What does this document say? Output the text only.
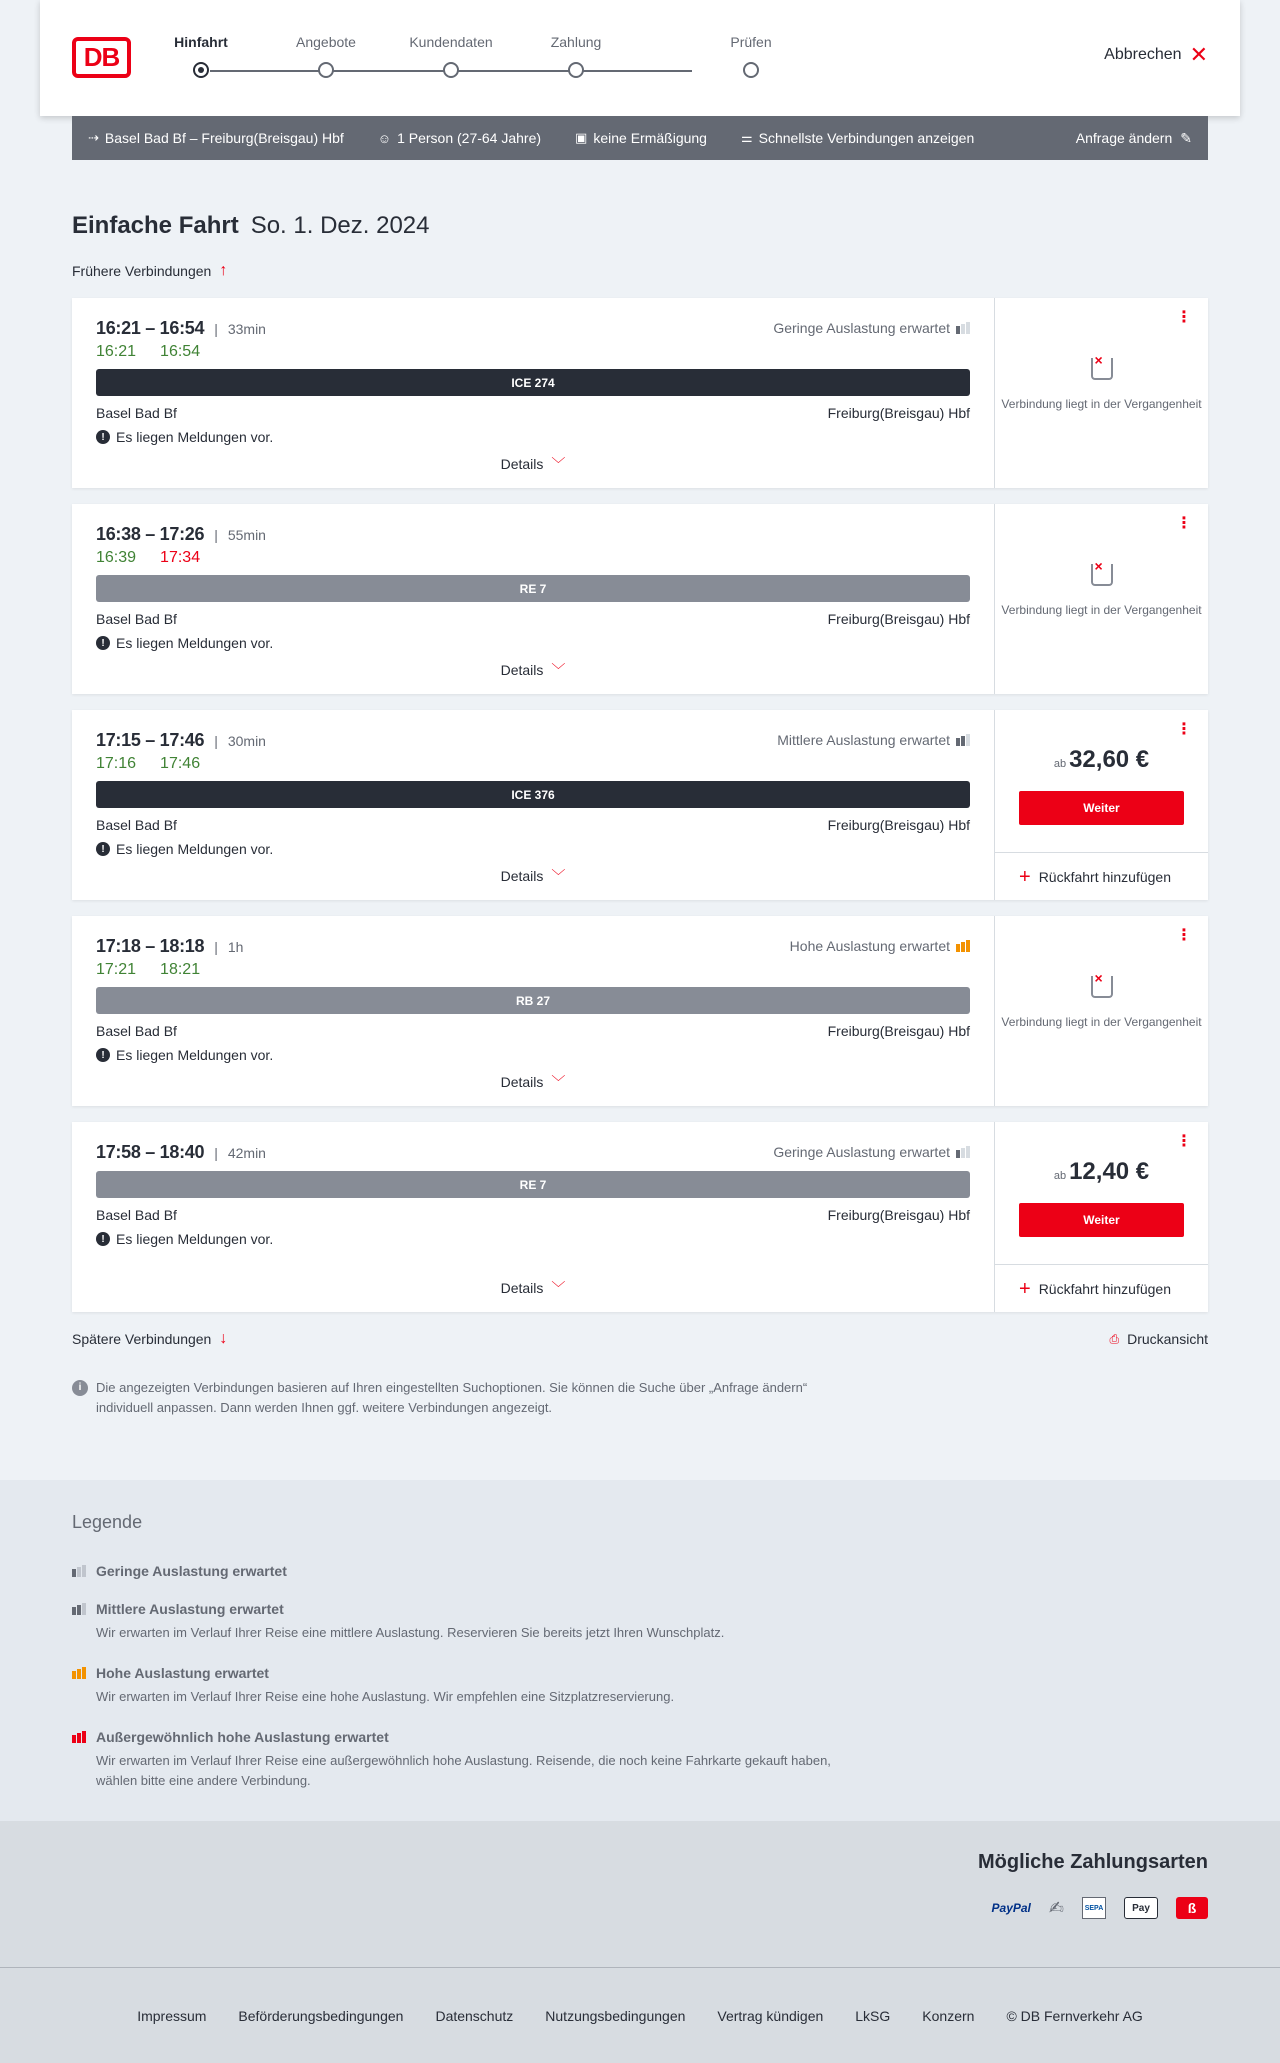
DB	Hinfahrt	Angebote	Kundendaten	Zahlung	Prüfen
Abbrechen ✕
⇢ Basel Bad Bf – Freiburg(Breisgau) Hbf	☺ 1 Person (27-64 Jahre)	▣ keine Ermäßigung	⚌ Schnellste Verbindungen anzeigen	Anfrage ändern ✎
Einfache Fahrt So. 1. Dez. 2024
Frühere Verbindungen ↑
16:21 – 16:54 | 33min	Geringe Auslastung erwartet
16:21 16:54
ICE 274
Basel Bad Bf	Freiburg(Breisgau) Hbf
! Es liegen Meldungen vor.
Details ﹀
⋮
×
Verbindung liegt in der Vergangenheit
16:38 – 17:26 | 55min
16:39 17:34
RE 7
Basel Bad Bf	Freiburg(Breisgau) Hbf
! Es liegen Meldungen vor.
Details ﹀
⋮
×
Verbindung liegt in der Vergangenheit
17:15 – 17:46 | 30min	Mittlere Auslastung erwartet
17:16 17:46
ICE 376
Basel Bad Bf	Freiburg(Breisgau) Hbf
! Es liegen Meldungen vor.
Details ﹀
⋮
ab 32,60 €
Weiter
+ Rückfahrt hinzufügen
17:18 – 18:18 | 1h	Hohe Auslastung erwartet
17:21 18:21
RB 27
Basel Bad Bf	Freiburg(Breisgau) Hbf
! Es liegen Meldungen vor.
Details ﹀
⋮
×
Verbindung liegt in der Vergangenheit
17:58 – 18:40 | 42min	Geringe Auslastung erwartet
RE 7
Basel Bad Bf	Freiburg(Breisgau) Hbf
! Es liegen Meldungen vor.
Details ﹀
⋮
ab 12,40 €
Weiter
+ Rückfahrt hinzufügen
Spätere Verbindungen ↓	⎙ Druckansicht
i	Die angezeigten Verbindungen basieren auf Ihren eingestellten Suchoptionen. Sie können die Suche über „Anfrage ändern“ individuell anpassen. Dann werden Ihnen ggf. weitere Verbindungen angezeigt.
Legende
Geringe Auslastung erwartet
Mittlere Auslastung erwartet
Wir erwarten im Verlauf Ihrer Reise eine mittlere Auslastung. Reservieren Sie bereits jetzt Ihren Wunschplatz.
Hohe Auslastung erwartet
Wir erwarten im Verlauf Ihrer Reise eine hohe Auslastung. Wir empfehlen eine Sitzplatzreservierung.
Außergewöhnlich hohe Auslastung erwartet
Wir erwarten im Verlauf Ihrer Reise eine außergewöhnlich hohe Auslastung. Reisende, die noch keine Fahrkarte gekauft haben, wählen bitte eine andere Verbindung.
Mögliche Zahlungsarten
PayPal ✍	SEPA	Pay	ß
Impressum Beförderungsbedingungen Datenschutz Nutzungsbedingungen Vertrag kündigen LkSG Konzern © DB Fernverkehr AG
